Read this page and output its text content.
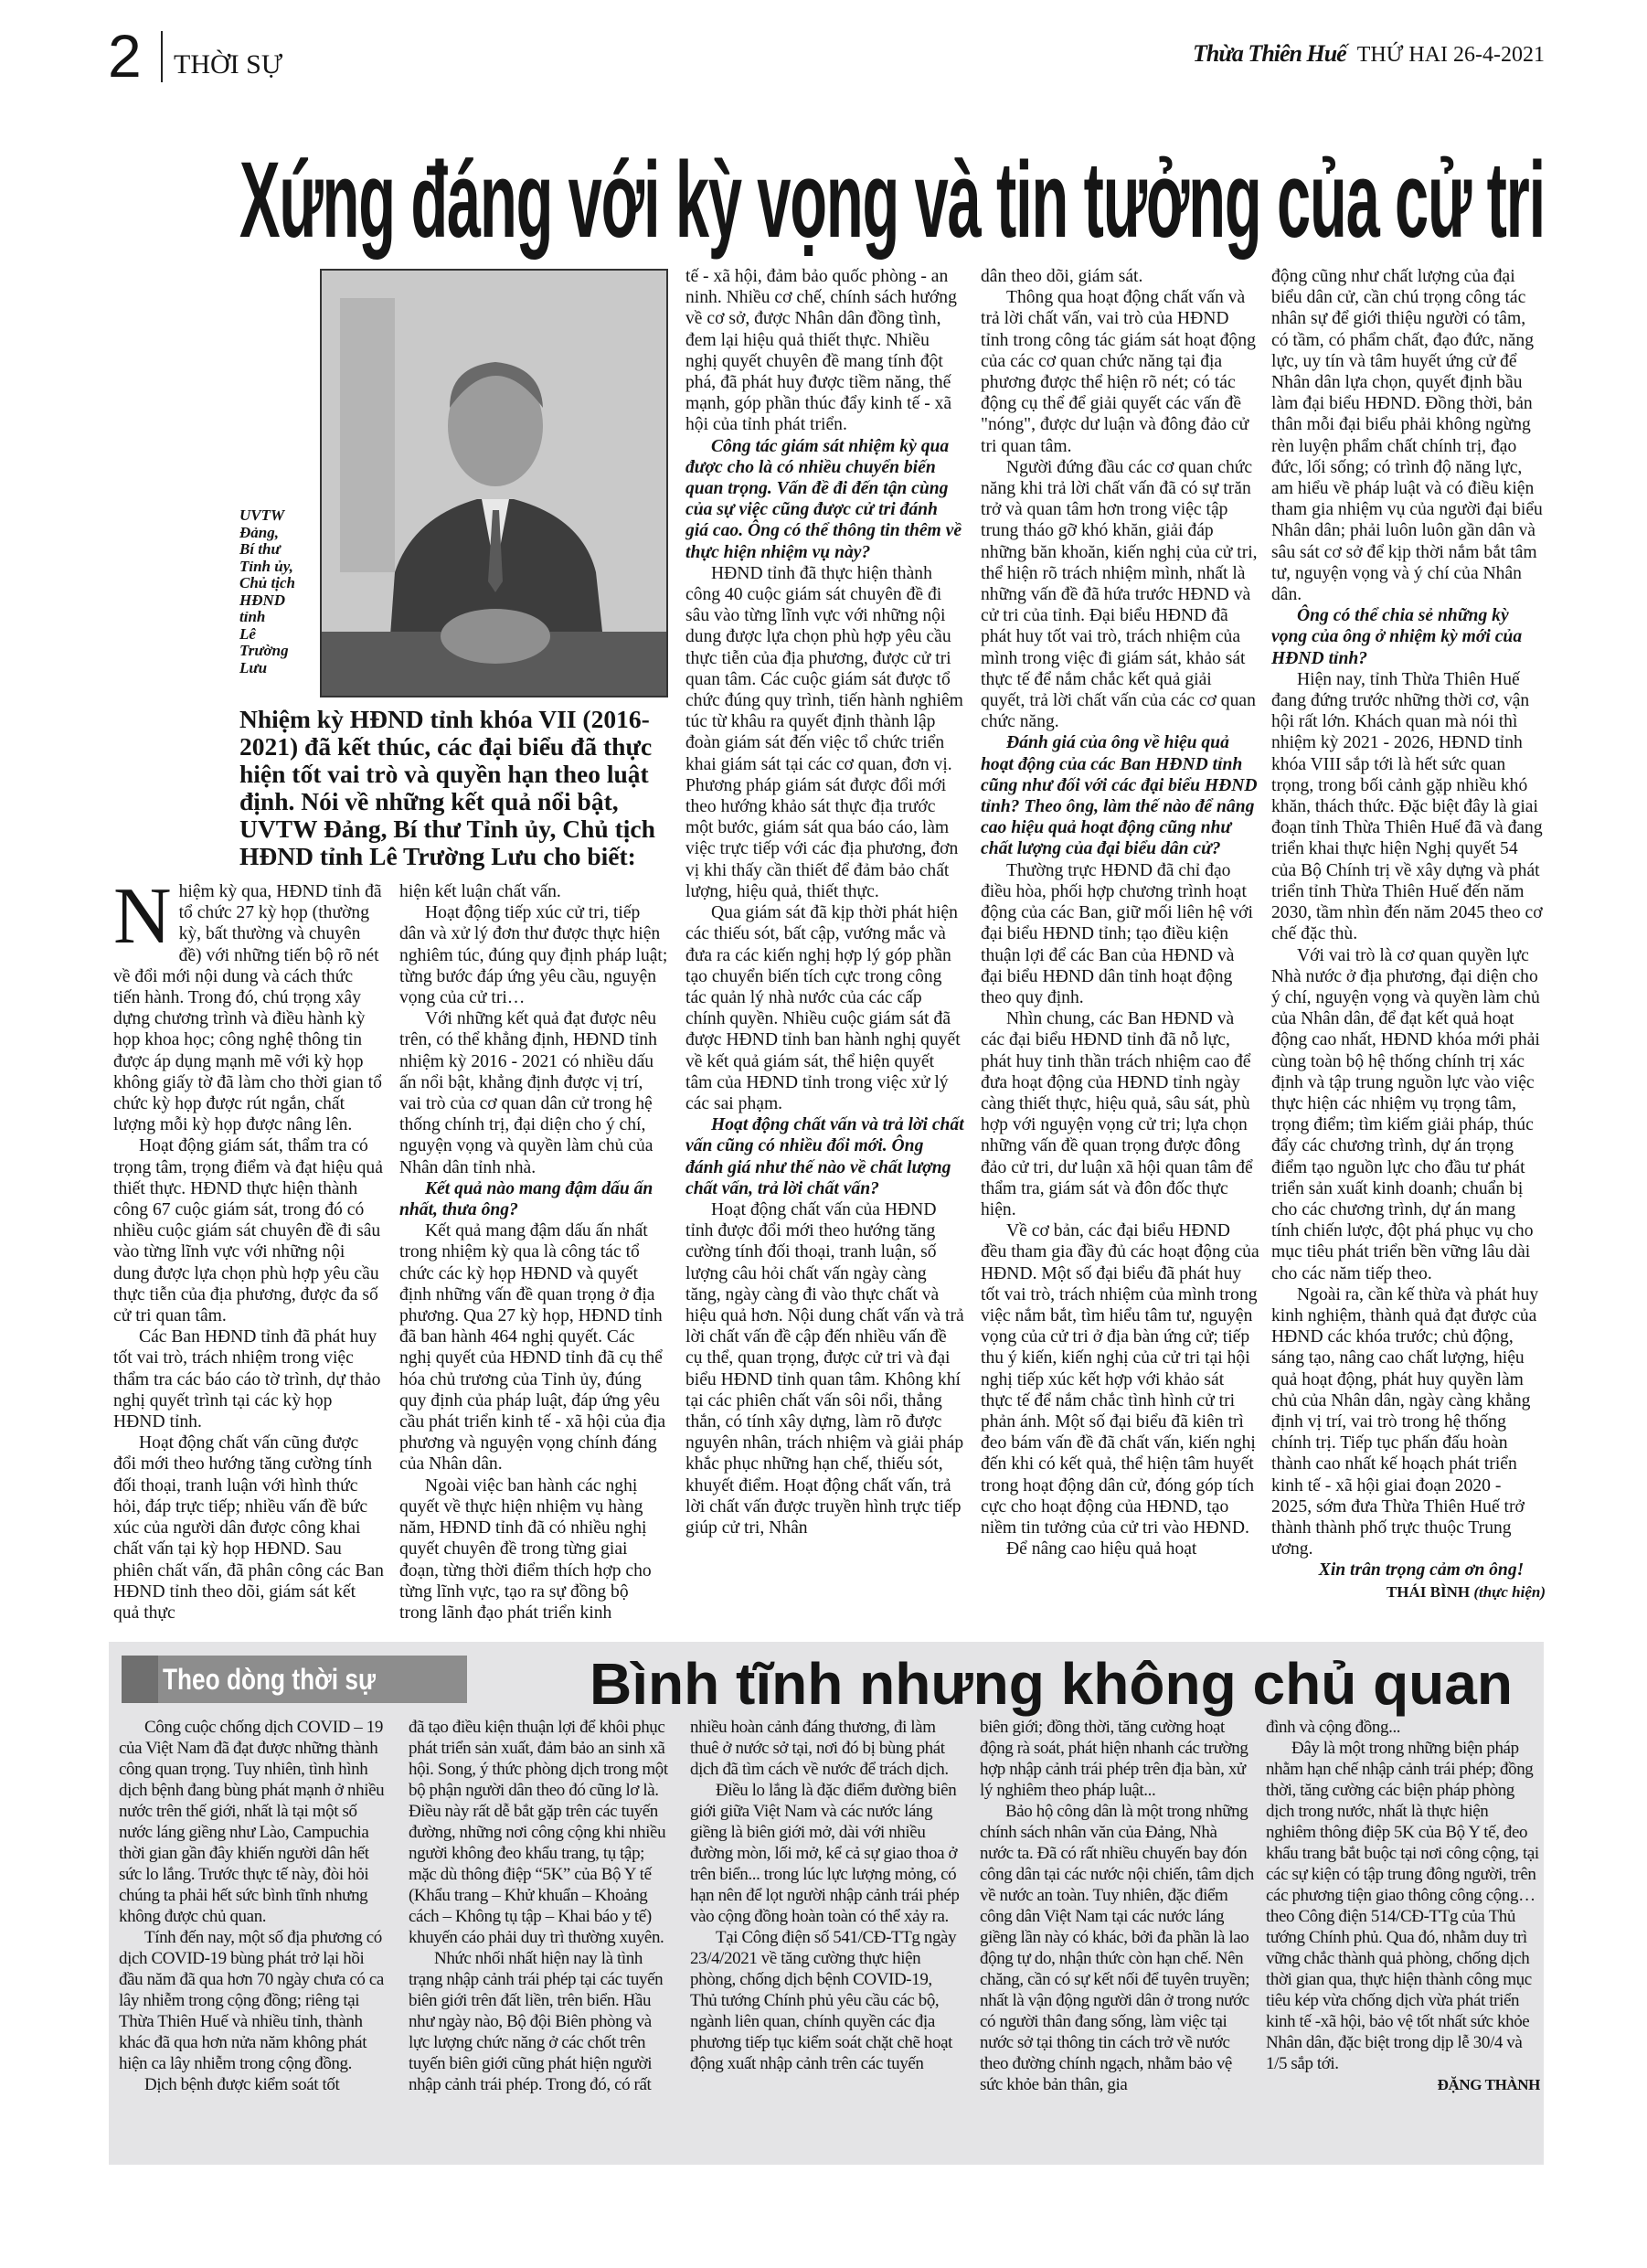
2 THỜI SỰ	Thừa Thiên Huế THỨ HAI 26-4-2021
Xứng đáng với kỳ vọng và tin tưởng của cử tri
UVTW
Đảng,
Bí thư
Tỉnh ủy,
Chủ tịch
HĐND
tỉnh
Lê
Trường
Lưu
Nhiệm kỳ HĐND tỉnh khóa VII (2016-2021) đã kết thúc, các đại biểu đã thực hiện tốt vai trò và quyền hạn theo luật định. Nói về những kết quả nổi bật, UVTW Đảng, Bí thư Tỉnh ủy, Chủ tịch HĐND tỉnh Lê Trường Lưu cho biết:

Nhiệm kỳ qua, HĐND tỉnh đã tổ chức 27 kỳ họp (thường kỳ, bất thường và chuyên đề) với những tiến bộ rõ nét về đổi mới nội dung và cách thức tiến hành. Trong đó, chú trọng xây dựng chương trình và điều hành kỳ họp khoa học; công nghệ thông tin được áp dụng mạnh mẽ với kỳ họp không giấy tờ đã làm cho thời gian tổ chức kỳ họp được rút ngắn, chất lượng mỗi kỳ họp được nâng lên.

Hoạt động giám sát, thẩm tra có trọng tâm, trọng điểm và đạt hiệu quả thiết thực. HĐND thực hiện thành công 67 cuộc giám sát, trong đó có nhiều cuộc giám sát chuyên đề đi sâu vào từng lĩnh vực với những nội dung được lựa chọn phù hợp yêu cầu thực tiễn của địa phương, được đa số cử tri quan tâm.

Các Ban HĐND tỉnh đã phát huy tốt vai trò, trách nhiệm trong việc thẩm tra các báo cáo tờ trình, dự thảo nghị quyết trình tại các kỳ họp HĐND tỉnh.

Hoạt động chất vấn cũng được đổi mới theo hướng tăng cường tính đối thoại, tranh luận với hình thức hỏi, đáp trực tiếp; nhiều vấn đề bức xúc của người dân được công khai chất vấn tại kỳ họp HĐND. Sau phiên chất vấn, đã phân công các Ban HĐND tỉnh theo dõi, giám sát kết quả thực

hiện kết luận chất vấn.

Hoạt động tiếp xúc cử tri, tiếp dân và xử lý đơn thư được thực hiện nghiêm túc, đúng quy định pháp luật; từng bước đáp ứng yêu cầu, nguyện vọng của cử tri…

Với những kết quả đạt được nêu trên, có thể khẳng định, HĐND tỉnh nhiệm kỳ 2016 - 2021 có nhiều dấu ấn nổi bật, khẳng định được vị trí, vai trò của cơ quan dân cử trong hệ thống chính trị, đại diện cho ý chí, nguyện vọng và quyền làm chủ của Nhân dân tỉnh nhà.

Kết quả nào mang đậm dấu ấn nhất, thưa ông?

Kết quả mang đậm dấu ấn nhất trong nhiệm kỳ qua là công tác tổ chức các kỳ họp HĐND và quyết định những vấn đề quan trọng ở địa phương. Qua 27 kỳ họp, HĐND tỉnh đã ban hành 464 nghị quyết. Các nghị quyết của HĐND tỉnh đã cụ thể hóa chủ trương của Tỉnh ủy, đúng quy định của pháp luật, đáp ứng yêu cầu phát triển kinh tế - xã hội của địa phương và nguyện vọng chính đáng của Nhân dân.

Ngoài việc ban hành các nghị quyết về thực hiện nhiệm vụ hàng năm, HĐND tỉnh đã có nhiều nghị quyết chuyên đề trong từng giai đoạn, từng thời điểm thích hợp cho từng lĩnh vực, tạo ra sự đồng bộ trong lãnh đạo phát triển kinh

tế - xã hội, đảm bảo quốc phòng - an ninh. Nhiều cơ chế, chính sách hướng về cơ sở, được Nhân dân đồng tình, đem lại hiệu quả thiết thực. Nhiều nghị quyết chuyên đề mang tính đột phá, đã phát huy được tiềm năng, thế mạnh, góp phần thúc đẩy kinh tế - xã hội của tỉnh phát triển.

Công tác giám sát nhiệm kỳ qua được cho là có nhiều chuyển biến quan trọng. Vấn đề đi đến tận cùng của sự việc cũng được cử tri đánh giá cao. Ông có thể thông tin thêm về thực hiện nhiệm vụ này?

HĐND tỉnh đã thực hiện thành công 40 cuộc giám sát chuyên đề đi sâu vào từng lĩnh vực với những nội dung được lựa chọn phù hợp yêu cầu thực tiễn của địa phương, được cử tri quan tâm. Các cuộc giám sát được tổ chức đúng quy trình, tiến hành nghiêm túc từ khâu ra quyết định thành lập đoàn giám sát đến việc tổ chức triển khai giám sát tại các cơ quan, đơn vị. Phương pháp giám sát được đổi mới theo hướng khảo sát thực địa trước một bước, giám sát qua báo cáo, làm việc trực tiếp với các địa phương, đơn vị khi thấy cần thiết để đảm bảo chất lượng, hiệu quả, thiết thực.

Qua giám sát đã kịp thời phát hiện các thiếu sót, bất cập, vướng mắc và đưa ra các kiến nghị hợp lý góp phần tạo chuyển biến tích cực trong công tác quản lý nhà nước của các cấp chính quyền. Nhiều cuộc giám sát đã được HĐND tỉnh ban hành nghị quyết về kết quả giám sát, thể hiện quyết tâm của HĐND tỉnh trong việc xử lý các sai phạm.

Hoạt động chất vấn và trả lời chất vấn cũng có nhiều đổi mới. Ông đánh giá như thế nào về chất lượng chất vấn, trả lời chất vấn?

Hoạt động chất vấn của HĐND tỉnh được đổi mới theo hướng tăng cường tính đối thoại, tranh luận, số lượng câu hỏi chất vấn ngày càng tăng, ngày càng đi vào thực chất và hiệu quả hơn. Nội dung chất vấn và trả lời chất vấn đề cập đến nhiều vấn đề cụ thể, quan trọng, được cử tri và đại biểu HĐND tỉnh quan tâm. Không khí tại các phiên chất vấn sôi nổi, thẳng thắn, có tính xây dựng, làm rõ được nguyên nhân, trách nhiệm và giải pháp khắc phục những hạn chế, thiếu sót, khuyết điểm. Hoạt động chất vấn, trả lời chất vấn được truyền hình trực tiếp giúp cử tri, Nhân

dân theo dõi, giám sát.

Thông qua hoạt động chất vấn và trả lời chất vấn, vai trò của HĐND tỉnh trong công tác giám sát hoạt động của các cơ quan chức năng tại địa phương được thể hiện rõ nét; có tác động cụ thể để giải quyết các vấn đề "nóng", được dư luận và đông đảo cử tri quan tâm.

Người đứng đầu các cơ quan chức năng khi trả lời chất vấn đã có sự trăn trở và quan tâm hơn trong việc tập trung tháo gỡ khó khăn, giải đáp những băn khoăn, kiến nghị của cử tri, thể hiện rõ trách nhiệm mình, nhất là những vấn đề đã hứa trước HĐND và cử tri của tỉnh. Đại biểu HĐND đã phát huy tốt vai trò, trách nhiệm của mình trong việc đi giám sát, khảo sát thực tế để nắm chắc kết quả giải quyết, trả lời chất vấn của các cơ quan chức năng.

Đánh giá của ông về hiệu quả hoạt động của các Ban HĐND tỉnh cũng như đối với các đại biểu HĐND tỉnh? Theo ông, làm thế nào để nâng cao hiệu quả hoạt động cũng như chất lượng của đại biểu dân cử?

Thường trực HĐND đã chỉ đạo điều hòa, phối hợp chương trình hoạt động của các Ban, giữ mối liên hệ với đại biểu HĐND tỉnh; tạo điều kiện thuận lợi để các Ban của HĐND và đại biểu HĐND dân tỉnh hoạt động theo quy định.

Nhìn chung, các Ban HĐND và các đại biểu HĐND tỉnh đã nỗ lực, phát huy tinh thần trách nhiệm cao để đưa hoạt động của HĐND tỉnh ngày càng thiết thực, hiệu quả, sâu sát, phù hợp với nguyện vọng cử tri; lựa chọn những vấn đề quan trọng được đông đảo cử tri, dư luận xã hội quan tâm để thẩm tra, giám sát và đôn đốc thực hiện.

Về cơ bản, các đại biểu HĐND đều tham gia đầy đủ các hoạt động của HĐND. Một số đại biểu đã phát huy tốt vai trò, trách nhiệm của mình trong việc nắm bắt, tìm hiểu tâm tư, nguyện vọng của cử tri ở địa bàn ứng cử; tiếp thu ý kiến, kiến nghị của cử tri tại hội nghị tiếp xúc kết hợp với khảo sát thực tế để nắm chắc tình hình cử tri phản ánh. Một số đại biểu đã kiên trì đeo bám vấn đề đã chất vấn, kiến nghị đến khi có kết quả, thể hiện tâm huyết trong hoạt động dân cử, đóng góp tích cực cho hoạt động của HĐND, tạo niềm tin tưởng của cử tri vào HĐND.

Để nâng cao hiệu quả hoạt

động cũng như chất lượng của đại biểu dân cử, cần chú trọng công tác nhân sự để giới thiệu người có tâm, có tầm, có phẩm chất, đạo đức, năng lực, uy tín và tâm huyết ứng cử để Nhân dân lựa chọn, quyết định bầu làm đại biểu HĐND. Đồng thời, bản thân mỗi đại biểu phải không ngừng rèn luyện phẩm chất chính trị, đạo đức, lối sống; có trình độ năng lực, am hiểu về pháp luật và có điều kiện tham gia nhiệm vụ của người đại biểu Nhân dân; phải luôn luôn gần dân và sâu sát cơ sở để kịp thời nắm bắt tâm tư, nguyện vọng và ý chí của Nhân dân.

Ông có thể chia sẻ những kỳ vọng của ông ở nhiệm kỳ mới của HĐND tỉnh?

Hiện nay, tỉnh Thừa Thiên Huế đang đứng trước những thời cơ, vận hội rất lớn. Khách quan mà nói thì nhiệm kỳ 2021 - 2026, HĐND tỉnh khóa VIII sắp tới là hết sức quan trọng, trong bối cảnh gặp nhiều khó khăn, thách thức. Đặc biệt đây là giai đoạn tỉnh Thừa Thiên Huế đã và đang triển khai thực hiện Nghị quyết 54 của Bộ Chính trị về xây dựng và phát triển tỉnh Thừa Thiên Huế đến năm 2030, tầm nhìn đến năm 2045 theo cơ chế đặc thù.

Với vai trò là cơ quan quyền lực Nhà nước ở địa phương, đại diện cho ý chí, nguyện vọng và quyền làm chủ của Nhân dân, để đạt kết quả hoạt động cao nhất, HĐND khóa mới phải cùng toàn bộ hệ thống chính trị xác định và tập trung nguồn lực vào việc thực hiện các nhiệm vụ trọng tâm, trọng điểm; tìm kiếm giải pháp, thúc đẩy các chương trình, dự án trọng điểm tạo nguồn lực cho đầu tư phát triển sản xuất kinh doanh; chuẩn bị cho các chương trình, dự án mang tính chiến lược, đột phá phục vụ cho mục tiêu phát triển bền vững lâu dài cho các năm tiếp theo.

Ngoài ra, cần kế thừa và phát huy kinh nghiệm, thành quả đạt được của HĐND các khóa trước; chủ động, sáng tạo, nâng cao chất lượng, hiệu quả hoạt động, phát huy quyền làm chủ của Nhân dân, ngày càng khẳng định vị trí, vai trò trong hệ thống chính trị. Tiếp tục phấn đấu hoàn thành cao nhất kế hoạch phát triển kinh tế - xã hội giai đoạn 2020 - 2025, sớm đưa Thừa Thiên Huế trở thành thành phố trực thuộc Trung ương.

Xin trân trọng cảm ơn ông!

THÁI BÌNH (thực hiện)

Theo dòng thời sự	Bình tĩnh nhưng không chủ quan

Công cuộc chống dịch COVID – 19 của Việt Nam đã đạt được những thành công quan trọng. Tuy nhiên, tình hình dịch bệnh đang bùng phát mạnh ở nhiều nước trên thế giới, nhất là tại một số nước láng giềng như Lào, Campuchia thời gian gần đây khiến người dân hết sức lo lắng. Trước thực tế này, đòi hỏi chúng ta phải hết sức bình tĩnh nhưng không được chủ quan.

Tính đến nay, một số địa phương có dịch COVID-19 bùng phát trở lại hồi đầu năm đã qua hơn 70 ngày chưa có ca lây nhiễm trong cộng đồng; riêng tại Thừa Thiên Huế và nhiều tỉnh, thành khác đã qua hơn nửa năm không phát hiện ca lây nhiễm trong cộng đồng.

Dịch bệnh được kiểm soát tốt

đã tạo điều kiện thuận lợi để khôi phục phát triển sản xuất, đảm bảo an sinh xã hội. Song, ý thức phòng dịch trong một bộ phận người dân theo đó cũng lơ là. Điều này rất dễ bắt gặp trên các tuyến đường, những nơi công cộng khi nhiều người không đeo khẩu trang, tụ tập; mặc dù thông điệp “5K” của Bộ Y tế (Khẩu trang – Khử khuẩn – Khoảng cách – Không tụ tập – Khai báo y tế) khuyến cáo phải duy trì thường xuyên.

Nhức nhối nhất hiện nay là tình trạng nhập cảnh trái phép tại các tuyến biên giới trên đất liền, trên biển. Hầu như ngày nào, Bộ đội Biên phòng và lực lượng chức năng ở các chốt trên tuyến biên giới cũng phát hiện người nhập cảnh trái phép. Trong đó, có rất

nhiều hoàn cảnh đáng thương, đi làm thuê ở nước sở tại, nơi đó bị bùng phát dịch đã tìm cách về nước để trách dịch.

Điều lo lắng là đặc điểm đường biên giới giữa Việt Nam và các nước láng giềng là biên giới mở, dài với nhiều đường mòn, lối mở, kể cả sự giao thoa ở trên biển... trong lúc lực lượng mỏng, có hạn nên để lọt người nhập cảnh trái phép vào cộng đồng hoàn toàn có thể xảy ra.

Tại Công điện số 541/CĐ-TTg ngày 23/4/2021 về tăng cường thực hiện phòng, chống dịch bệnh COVID-19, Thủ tướng Chính phủ yêu cầu các bộ, ngành liên quan, chính quyền các địa phương tiếp tục kiểm soát chặt chẽ hoạt động xuất nhập cảnh trên các tuyến

biên giới; đồng thời, tăng cường hoạt động rà soát, phát hiện nhanh các trường hợp nhập cảnh trái phép trên địa bàn, xử lý nghiêm theo pháp luật...

Bảo hộ công dân là một trong những chính sách nhân văn của Đảng, Nhà nước ta. Đã có rất nhiều chuyến bay đón công dân tại các nước nội chiến, tâm dịch về nước an toàn. Tuy nhiên, đặc điểm công dân Việt Nam tại các nước láng giềng lần này có khác, bởi đa phần là lao động tự do, nhận thức còn hạn chế. Nên chăng, cần có sự kết nối để tuyên truyền; nhất là vận động người dân ở trong nước có người thân đang sống, làm việc tại nước sở tại thông tin cách trở về nước theo đường chính ngạch, nhằm bảo vệ sức khỏe bản thân, gia

đình và cộng đồng...

Đây là một trong những biện pháp nhằm hạn chế nhập cảnh trái phép; đồng thời, tăng cường các biện pháp phòng dịch trong nước, nhất là thực hiện nghiêm thông điệp 5K của Bộ Y tế, đeo khẩu trang bắt buộc tại nơi công cộng, tại các sự kiện có tập trung đông người, trên các phương tiện giao thông công cộng… theo Công điện 514/CĐ-TTg của Thủ tướng Chính phủ. Qua đó, nhằm duy trì vững chắc thành quả phòng, chống dịch thời gian qua, thực hiện thành công mục tiêu kép vừa chống dịch vừa phát triển kinh tế -xã hội, bảo vệ tốt nhất sức khỏe Nhân dân, đặc biệt trong dịp lễ 30/4 và 1/5 sắp tới.

ĐẶNG THÀNH
